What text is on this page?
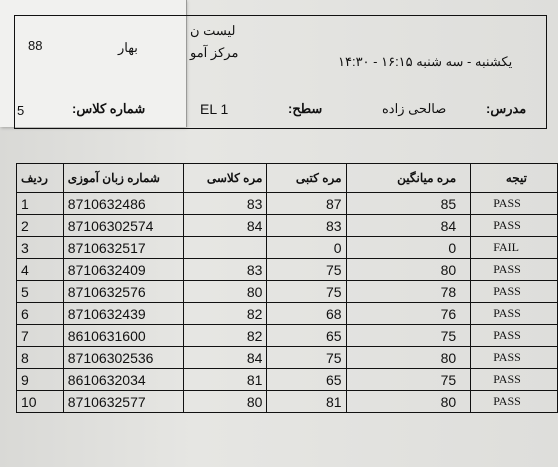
88	بهار
لیست ن
مرکز آمو
یکشنبه - سه شنبه ۱۶:۱۵ - ۱۴:۳۰
5	شماره کلاس:	EL 1	سطح:	صالحی زاده	مدرس:
ردیف	شماره زبان آموزی	مره کلاسی	مره کتبی	مره میانگین	تیجه
1	8710632486	83	87	85	PASS
2	87106302574	84	83	84	PASS
3	8710632517		0	0	FAIL
4	8710632409	83	75	80	PASS
5	8710632576	80	75	78	PASS
6	8710632439	82	68	76	PASS
7	8610631600	82	65	75	PASS
8	87106302536	84	75	80	PASS
9	8610632034	81	65	75	PASS
10	8710632577	80	81	80	PASS
